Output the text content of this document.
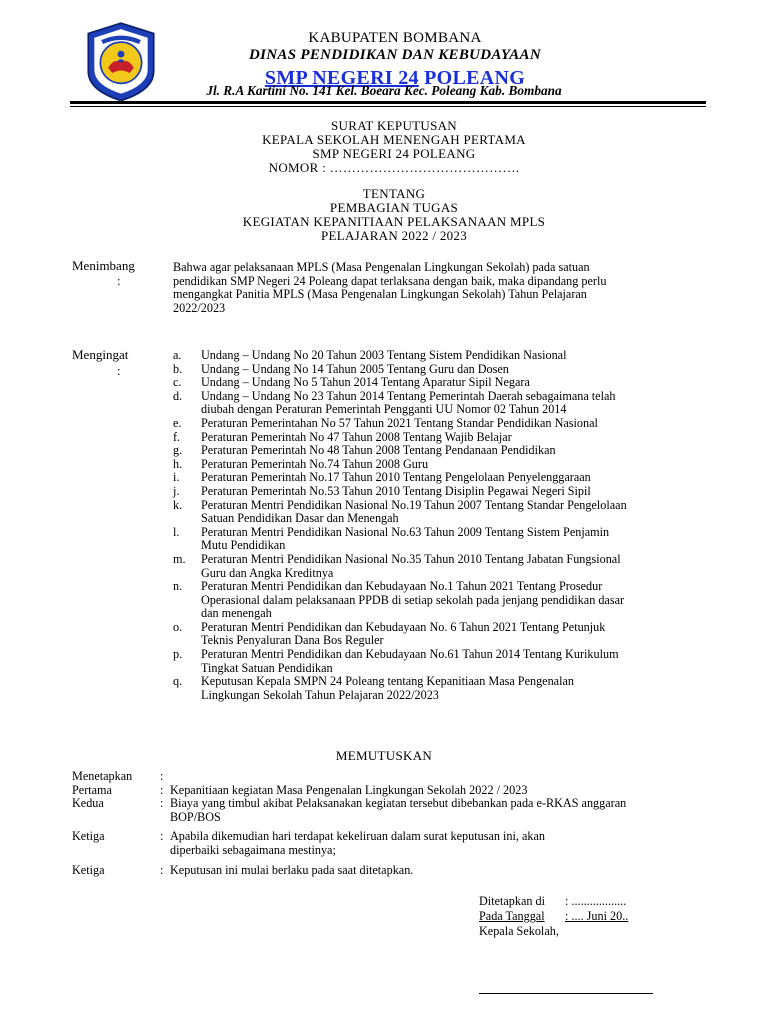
KABUPATEN BOMBANA
DINAS PENDIDIKAN DAN KEBUDAYAAN
SMP NEGERI 24 POLEANG
Jl. R.A Kartini No. 141 Kel. Boeara Kec. Poleang Kab. Bombana
SURAT KEPUTUSAN
KEPALA SEKOLAH MENENGAH PERTAMA
SMP NEGERI 24 POLEANG
NOMOR : …………………………………….
TENTANG
PEMBAGIAN TUGAS
KEGIATAN KEPANITIAAN PELAKSANAAN MPLS
PELAJARAN 2022 / 2023
Menimbang
:
Bahwa agar pelaksanaan MPLS (Masa Pengenalan Lingkungan Sekolah) pada satuan
pendidikan SMP Negeri 24 Poleang dapat terlaksana dengan baik, maka dipandang perlu
mengangkat Panitia MPLS (Masa Pengenalan Lingkungan Sekolah) Tahun Pelajaran
2022/2023
Mengingat
:
a.	Undang – Undang No 20 Tahun 2003 Tentang Sistem Pendidikan Nasional
b.	Undang – Undang No 14 Tahun 2005 Tentang Guru dan Dosen
c.	Undang – Undang No 5 Tahun 2014 Tentang Aparatur Sipil Negara
d.	Undang – Undang No 23 Tahun 2014 Tentang Pemerintah Daerah sebagaimana telah
diubah dengan Peraturan Pemerintah Pengganti UU Nomor 02 Tahun 2014
e.	Peraturan Pemerintahan No 57 Tahun 2021 Tentang Standar Pendidikan Nasional
f.	Peraturan Pemerintah No 47 Tahun 2008 Tentang Wajib Belajar
g.	Peraturan Pemerintah No 48 Tahun 2008 Tentang Pendanaan Pendidikan
h.	Peraturan Pemerintah No.74 Tahun 2008 Guru
i.	Peraturan Pemerintah No.17 Tahun 2010 Tentang Pengelolaan Penyelenggaraan
j.	Peraturan Pemerintah No.53 Tahun 2010 Tentang Disiplin Pegawai Negeri Sipil
k.	Peraturan Mentri Pendidikan Nasional No.19 Tahun 2007 Tentang Standar Pengelolaan
Satuan Pendidikan Dasar dan Menengah
l.	Peraturan Mentri Pendidikan Nasional No.63 Tahun 2009 Tentang Sistem Penjamin
Mutu Pendidikan
m.	Peraturan Mentri Pendidikan Nasional No.35 Tahun 2010 Tentang Jabatan Fungsional
Guru dan Angka Kreditnya
n.	Peraturan Mentri Pendidikan dan Kebudayaan No.1 Tahun 2021 Tentang Prosedur
Operasional dalam pelaksanaan PPDB di setiap sekolah pada jenjang pendidikan dasar
dan menengah
o.	Peraturan Mentri Pendidikan dan Kebudayaan No. 6 Tahun 2021 Tentang Petunjuk
Teknis Penyaluran Dana Bos Reguler
p.	Peraturan Mentri Pendidikan dan Kebudayaan No.61 Tahun 2014 Tentang Kurikulum
Tingkat Satuan Pendidikan
q.	Keputusan Kepala SMPN 24 Poleang tentang Kepanitiaan Masa Pengenalan
Lingkungan Sekolah Tahun Pelajaran 2022/2023
MEMUTUSKAN
Menetapkan	:
Pertama	: Kepanitiaan kegiatan Masa Pengenalan Lingkungan Sekolah 2022 / 2023
Kedua	: Biaya yang timbul akibat Pelaksanakan kegiatan tersebut dibebankan pada e-RKAS anggaran
BOP/BOS
Ketiga	: Apabila dikemudian hari terdapat kekeliruan dalam surat keputusan ini, akan
diperbaiki sebagaimana mestinya;
Ketiga	: Keputusan ini mulai berlaku pada saat ditetapkan.
Ditetapkan di	: ..................
Pada Tanggal	: .... Juni 20..
Kepala Sekolah,
